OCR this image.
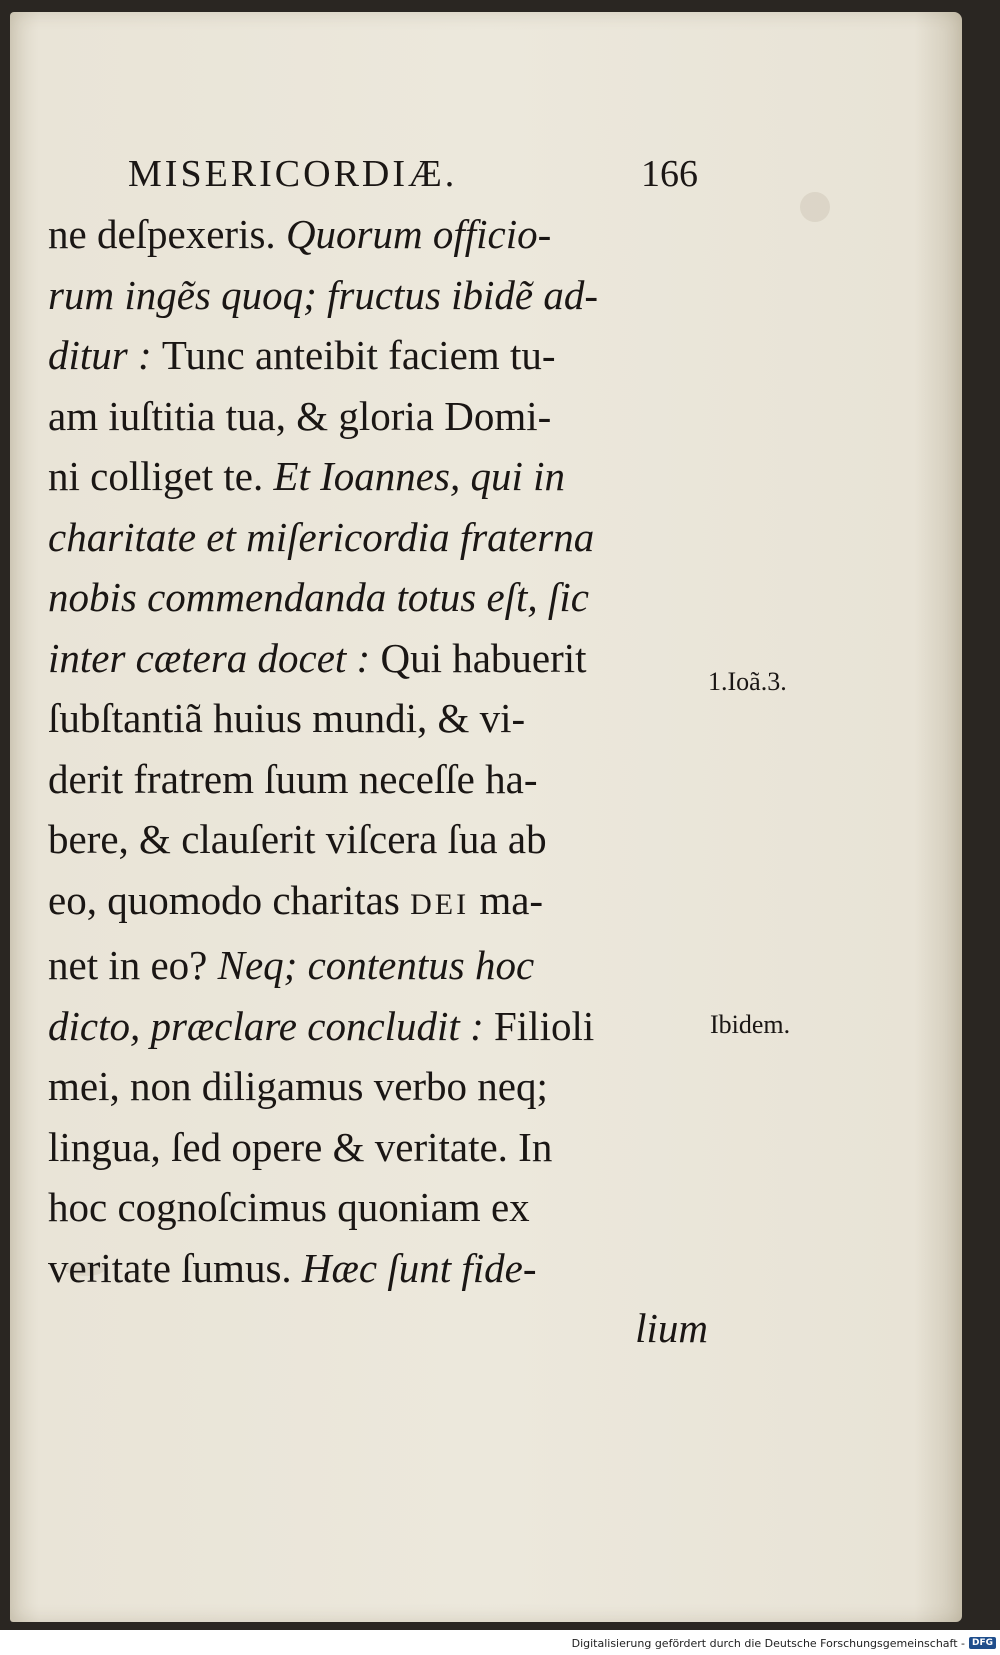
MISERICORDIÆ.	166
ne deſpexeris. Quorum officio-
rum ingẽs quoq; fructus ibidẽ ad-
ditur : Tunc anteibit faciem tu-
am iuſtitia tua, & gloria Domi-
ni colliget te. Et Ioannes, qui in
charitate et miſericordia fraterna
nobis commendanda totus eſt, ſic
inter cætera docet : Qui habuerit
ſubſtantiã huius mundi, & vi-
derit fratrem ſuum neceſſe ha-
bere, & clauſerit viſcera ſua ab
eo, quomodo charitas DEI ma-
net in eo? Neq; contentus hoc
dicto, præclare concludit : Filioli
mei, non diligamus verbo neq;
lingua, ſed opere & veritate. In
hoc cognoſcimus quoniam ex
veritate ſumus. Hæc ſunt fide-
lium
1.Ioã.3.
Ibidem.
Digitalisierung gefördert durch die Deutsche Forschungsgemeinschaft - DFG
